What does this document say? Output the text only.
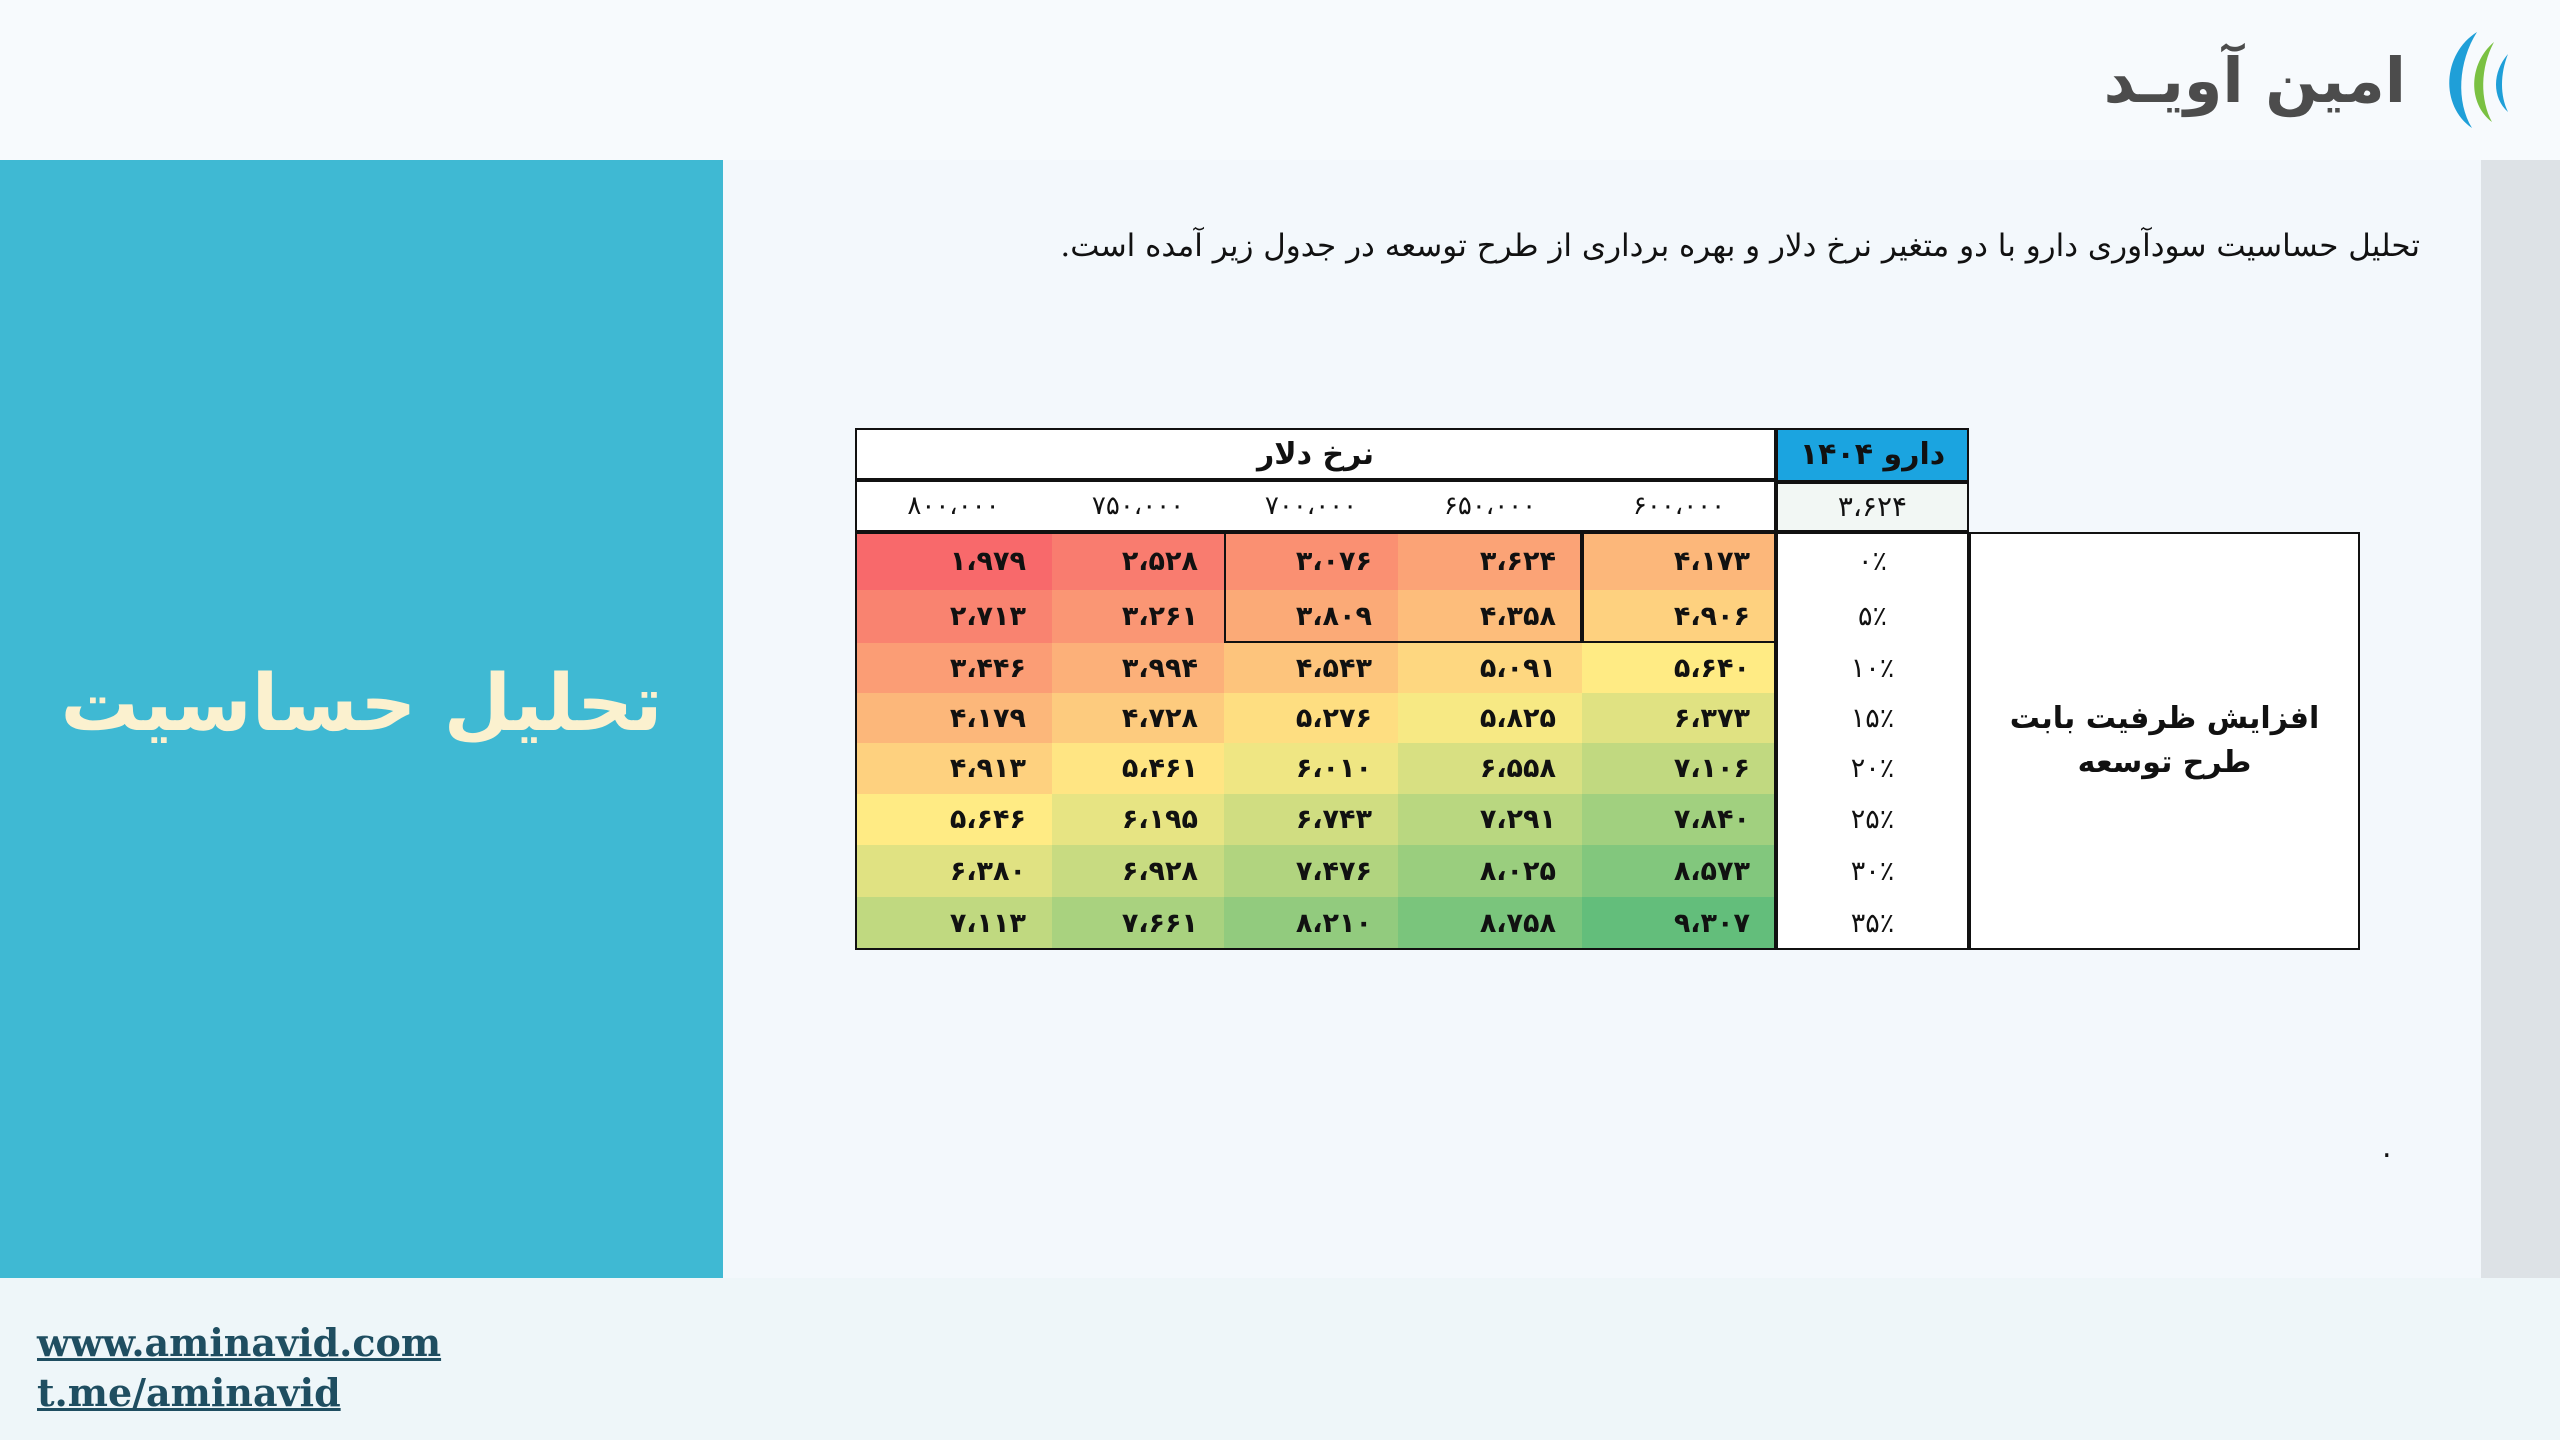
تحلیل حساسیت
امین آویـد
تحلیل حساسیت سودآوری دارو با دو متغیر نرخ دلار و بهره برداری از طرح توسعه در جدول زیر آمده است.
.
نرخ دلار	دارو ۱۴۰۴
۳،۶۲۴
۸۰۰،۰۰۰	۷۵۰،۰۰۰	۷۰۰،۰۰۰	۶۵۰،۰۰۰	۶۰۰،۰۰۰
۱،۹۷۹	۲،۵۲۸	۳،۰۷۶	۳،۶۲۴	۴،۱۷۳	۰٪
۲،۷۱۳	۳،۲۶۱	۳،۸۰۹	۴،۳۵۸	۴،۹۰۶	۵٪
۳،۴۴۶	۳،۹۹۴	۴،۵۴۳	۵،۰۹۱	۵،۶۴۰	۱۰٪
۴،۱۷۹	۴،۷۲۸	۵،۲۷۶	۵،۸۲۵	۶،۳۷۳	۱۵٪
۴،۹۱۳	۵،۴۶۱	۶،۰۱۰	۶،۵۵۸	۷،۱۰۶	۲۰٪
۵،۶۴۶	۶،۱۹۵	۶،۷۴۳	۷،۲۹۱	۷،۸۴۰	۲۵٪
۶،۳۸۰	۶،۹۲۸	۷،۴۷۶	۸،۰۲۵	۸،۵۷۳	۳۰٪
۷،۱۱۳	۷،۶۶۱	۸،۲۱۰	۸،۷۵۸	۹،۳۰۷	۳۵٪
افزایش ظرفیت بابت طرح توسعه
www.aminavid.com
t.me/aminavid
